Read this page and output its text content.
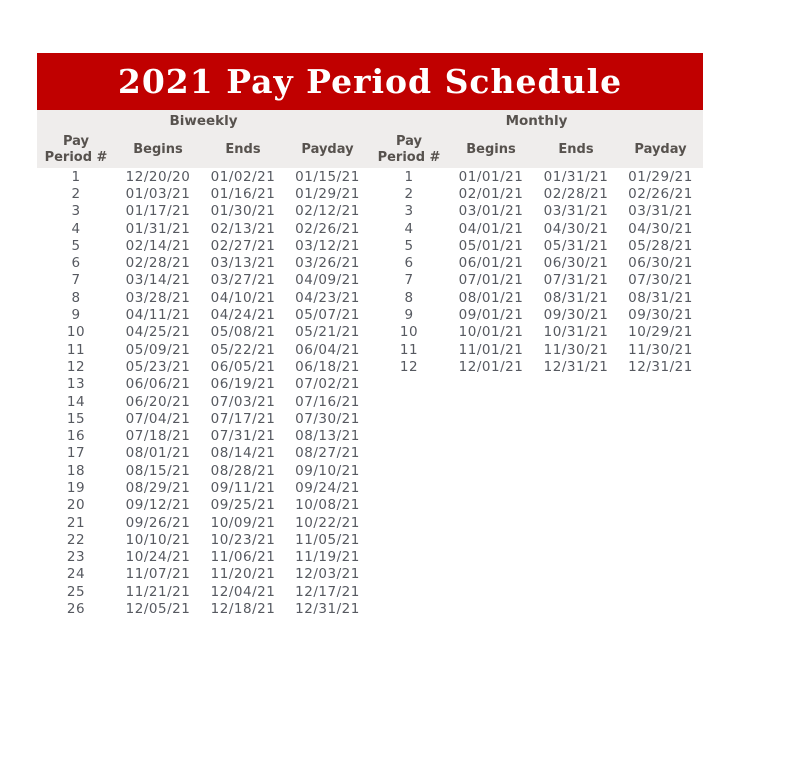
2021 Pay Period Schedule
Biweekly
Pay
Period #
Begins	Ends	Payday
Monthly
Pay
Period #
Begins	Ends	Payday
1	12/20/20	01/02/21	01/15/21
2	01/03/21	01/16/21	01/29/21
3	01/17/21	01/30/21	02/12/21
4	01/31/21	02/13/21	02/26/21
5	02/14/21	02/27/21	03/12/21
6	02/28/21	03/13/21	03/26/21
7	03/14/21	03/27/21	04/09/21
8	03/28/21	04/10/21	04/23/21
9	04/11/21	04/24/21	05/07/21
10	04/25/21	05/08/21	05/21/21
11	05/09/21	05/22/21	06/04/21
12	05/23/21	06/05/21	06/18/21
13	06/06/21	06/19/21	07/02/21
14	06/20/21	07/03/21	07/16/21
15	07/04/21	07/17/21	07/30/21
16	07/18/21	07/31/21	08/13/21
17	08/01/21	08/14/21	08/27/21
18	08/15/21	08/28/21	09/10/21
19	08/29/21	09/11/21	09/24/21
20	09/12/21	09/25/21	10/08/21
21	09/26/21	10/09/21	10/22/21
22	10/10/21	10/23/21	11/05/21
23	10/24/21	11/06/21	11/19/21
24	11/07/21	11/20/21	12/03/21
25	11/21/21	12/04/21	12/17/21
26	12/05/21	12/18/21	12/31/21
1	01/01/21	01/31/21	01/29/21
2	02/01/21	02/28/21	02/26/21
3	03/01/21	03/31/21	03/31/21
4	04/01/21	04/30/21	04/30/21
5	05/01/21	05/31/21	05/28/21
6	06/01/21	06/30/21	06/30/21
7	07/01/21	07/31/21	07/30/21
8	08/01/21	08/31/21	08/31/21
9	09/01/21	09/30/21	09/30/21
10	10/01/21	10/31/21	10/29/21
11	11/01/21	11/30/21	11/30/21
12	12/01/21	12/31/21	12/31/21
